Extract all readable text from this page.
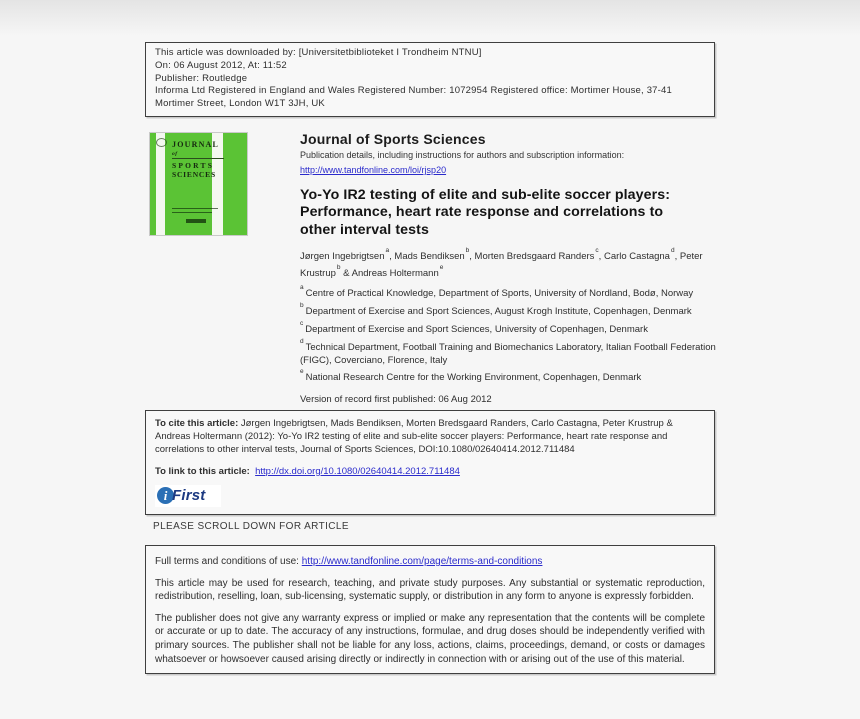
This article was downloaded by: [Universitetbiblioteket I Trondheim NTNU]
On: 06 August 2012, At: 11:52
Publisher: Routledge
Informa Ltd Registered in England and Wales Registered Number: 1072954 Registered office: Mortimer House, 37-41 Mortimer Street, London W1T 3JH, UK
JOURNAL
of
SPORTS
SCIENCES
Journal of Sports Sciences
Publication details, including instructions for authors and subscription information:
http://www.tandfonline.com/loi/rjsp20
Yo-Yo IR2 testing of elite and sub-elite soccer players:
Performance, heart rate response and correlations to
other interval tests
Jørgen Ingebrigtsen$^a$, Mads Bendiksen$^b$, Morten Bredsgaard Randers$^c$, Carlo Castagna$^d$, Peter Krustrup$^b$ & Andreas Holtermann$^e$
$^a$Centre of Practical Knowledge, Department of Sports, University of Nordland, Bodø, Norway
$^b$Department of Exercise and Sport Sciences, August Krogh Institute, Copenhagen, Denmark
$^c$Department of Exercise and Sport Sciences, University of Copenhagen, Denmark
$^d$Technical Department, Football Training and Biomechanics Laboratory, Italian Football Federation (FIGC), Coverciano, Florence, Italy
$^e$National Research Centre for the Working Environment, Copenhagen, Denmark
Version of record first published: 06 Aug 2012

To cite this article: Jørgen Ingebrigtsen, Mads Bendiksen, Morten Bredsgaard Randers, Carlo Castagna, Peter Krustrup & Andreas Holtermann (2012): Yo-Yo IR2 testing of elite and sub-elite soccer players: Performance, heart rate response and correlations to other interval tests, Journal of Sports Sciences, DOI:10.1080/02640414.2012.711484

To link to this article: http://dx.doi.org/10.1080/02640414.2012.711484

i First
PLEASE SCROLL DOWN FOR ARTICLE

Full terms and conditions of use: http://www.tandfonline.com/page/terms-and-conditions

This article may be used for research, teaching, and private study purposes. Any substantial or systematic reproduction, redistribution, reselling, loan, sub-licensing, systematic supply, or distribution in any form to anyone is expressly forbidden.

The publisher does not give any warranty express or implied or make any representation that the contents will be complete or accurate or up to date. The accuracy of any instructions, formulae, and drug doses should be independently verified with primary sources. The publisher shall not be liable for any loss, actions, claims, proceedings, demand, or costs or damages whatsoever or howsoever caused arising directly or indirectly in connection with or arising out of the use of this material.
